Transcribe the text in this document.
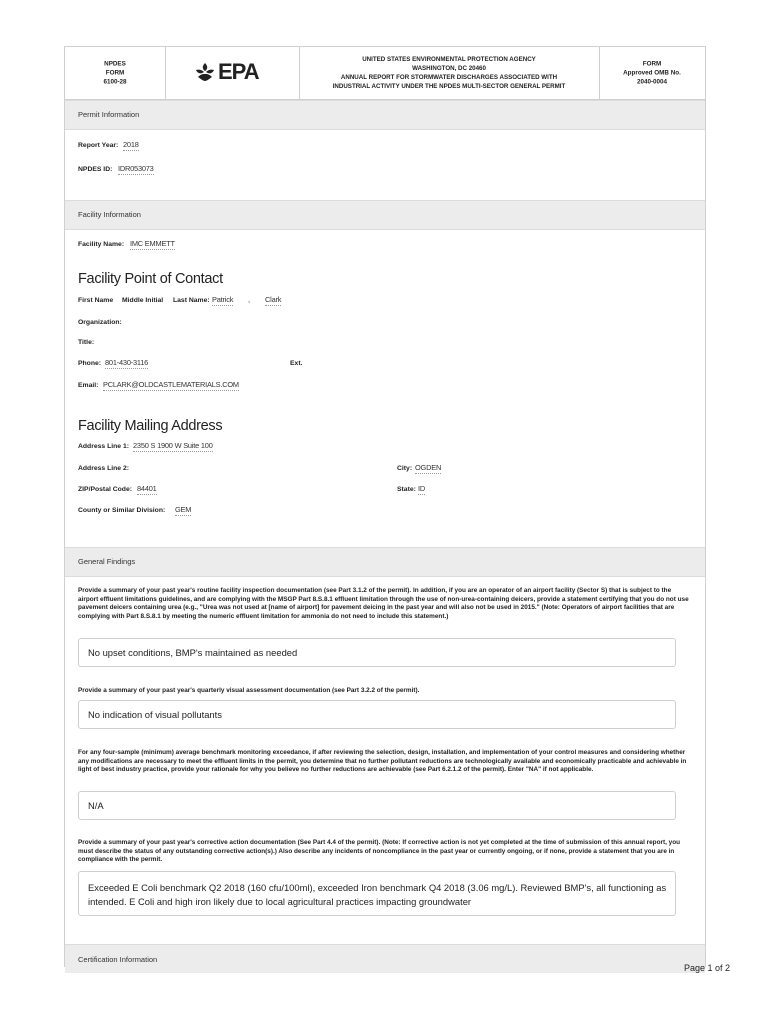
NPDES
FORM
6100-28	EPA	UNITED STATES ENVIRONMENTAL PROTECTION AGENCY
WASHINGTON, DC 20460
ANNUAL REPORT FOR STORMWATER DISCHARGES ASSOCIATED WITH
INDUSTRIAL ACTIVITY UNDER THE NPDES MULTI-SECTOR GENERAL PERMIT
FORM
Approved OMB No.
2040-0004
Permit Information
Report Year: 2018
NPDES ID: IDR053073
Facility Information
Facility Name: IMC EMMETT
Facility Point of Contact
First Name Middle Initial Last Name: Patrick , Clark
Organization:
Title:
Phone: 801-430-3116	Ext.
Email: PCLARK@OLDCASTLEMATERIALS.COM
Facility Mailing Address
Address Line 1: 2350 S 1900 W Suite 100
Address Line 2:	City: OGDEN
ZIP/Postal Code: 84401	State: ID
County or Similar Division: GEM
General Findings
Provide a summary of your past year's routine facility inspection documentation (see Part 3.1.2 of the permit). In addition, if you are an operator of an airport facility (Sector S) that is subject to the airport effluent limitations guidelines, and are complying with the MSGP Part 8.S.8.1 effluent limitation through the use of non-urea-containing deicers, provide a statement certifying that you do not use pavement deicers containing urea (e.g., "Urea was not used at [name of airport] for pavement deicing in the past year and will also not be used in 2015." (Note: Operators of airport facilities that are complying with Part 8.S.8.1 by meeting the numeric effluent limitation for ammonia do not need to include this statement.)
No upset conditions, BMP's maintained as needed
Provide a summary of your past year's quarterly visual assessment documentation (see Part 3.2.2 of the permit).
No indication of visual pollutants
For any four-sample (minimum) average benchmark monitoring exceedance, if after reviewing the selection, design, installation, and implementation of your control measures and considering whether any modifications are necessary to meet the effluent limits in the permit, you determine that no further pollutant reductions are technologically available and economically practicable and achievable in light of best industry practice, provide your rationale for why you believe no further reductions are achievable (see Part 6.2.1.2 of the permit). Enter "NA" if not applicable.
N/A
Provide a summary of your past year's corrective action documentation (See Part 4.4 of the permit). (Note: If corrective action is not yet completed at the time of submission of this annual report, you must describe the status of any outstanding corrective action(s).) Also describe any incidents of noncompliance in the past year or currently ongoing, or if none, provide a statement that you are in compliance with the permit.
Exceeded E Coli benchmark Q2 2018 (160 cfu/100ml), exceeded Iron benchmark Q4 2018 (3.06 mg/L). Reviewed BMP's, all functioning as intended. E Coli and high iron likely due to local agricultural practices impacting groundwater
Certification Information
Page 1 of 2
